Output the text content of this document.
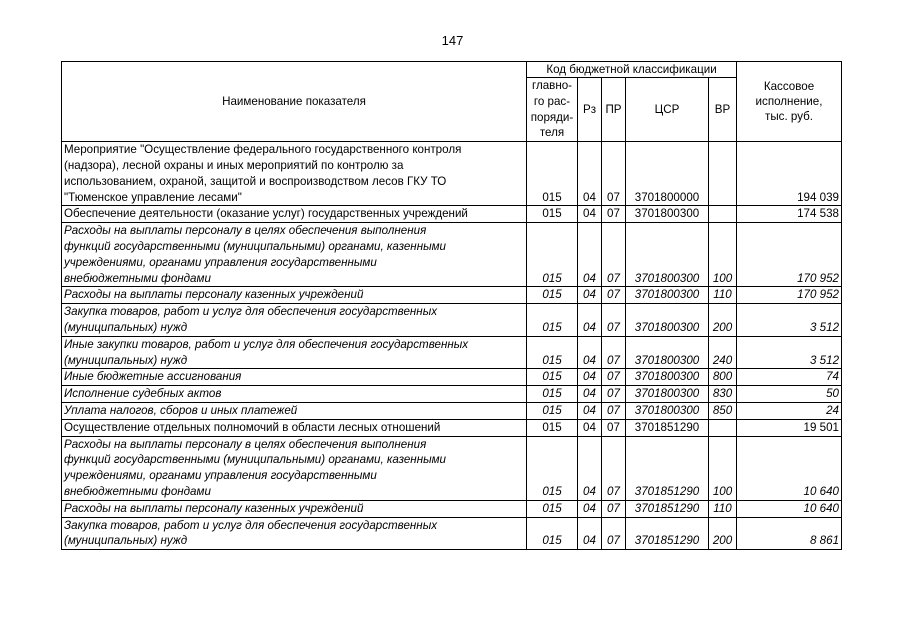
147
Наименование показателя	Код бюджетной классификации					Кассовое
исполнение,
тыс. руб.

	главно-
го рас-
поряди-
теля	Рз	ПР	ЦСР	ВР	

Мероприятие "Осуществление федерального государственного контроля
(надзора), лесной охраны и иных мероприятий по контролю за
использованием, охраной, защитой и воспроизводством лесов ГКУ ТО
"Тюменское управление лесами"	015	04	07	3701800000		194 039

Обеспечение деятельности (оказание услуг) государственных учреждений	015	04	07	3701800300		174 538

Расходы на выплаты персоналу в целях обеспечения выполнения
функций государственными (муниципальными) органами, казенными
учреждениями, органами управления государственными
внебюджетными фондами	015	04	07	3701800300	100	170 952

Расходы на выплаты персоналу казенных учреждений	015	04	07	3701800300	110	170 952

Закупка товаров, работ и услуг для обеспечения государственных
(муниципальных) нужд	015	04	07	3701800300	200	3 512

Иные закупки товаров, работ и услуг для обеспечения государственных
(муниципальных) нужд	015	04	07	3701800300	240	3 512

Иные бюджетные ассигнования	015	04	07	3701800300	800	74

Исполнение судебных актов	015	04	07	3701800300	830	50

Уплата налогов, сборов и иных платежей	015	04	07	3701800300	850	24

Осуществление отдельных полномочий в области лесных отношений	015	04	07	3701851290		19 501

Расходы на выплаты персоналу в целях обеспечения выполнения
функций государственными (муниципальными) органами, казенными
учреждениями, органами управления государственными
внебюджетными фондами	015	04	07	3701851290	100	10 640

Расходы на выплаты персоналу казенных учреждений	015	04	07	3701851290	110	10 640

Закупка товаров, работ и услуг для обеспечения государственных
(муниципальных) нужд	015	04	07	3701851290	200	8 861
